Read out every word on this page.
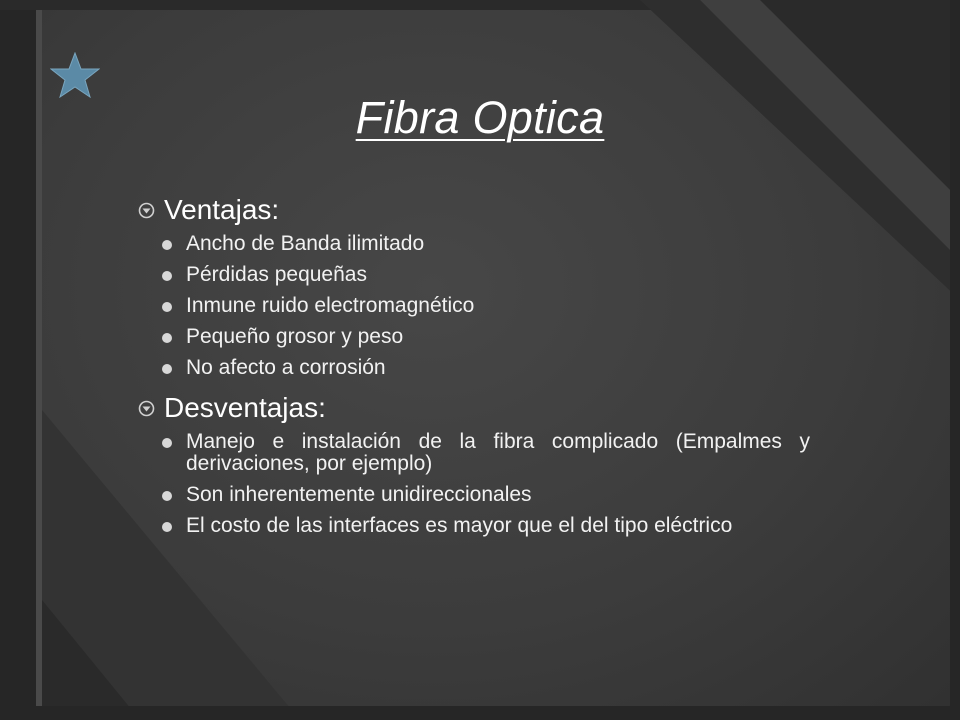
Fibra Optica
Ventajas:
Ancho de Banda ilimitado
Pérdidas pequeñas
Inmune ruido electromagnético
Pequeño grosor y peso
No afecto a corrosión
Desventajas:
Manejo e instalación de la fibra complicado (Empalmes y derivaciones, por ejemplo)
Son inherentemente unidireccionales
El costo de las interfaces es mayor que el del tipo eléctrico
